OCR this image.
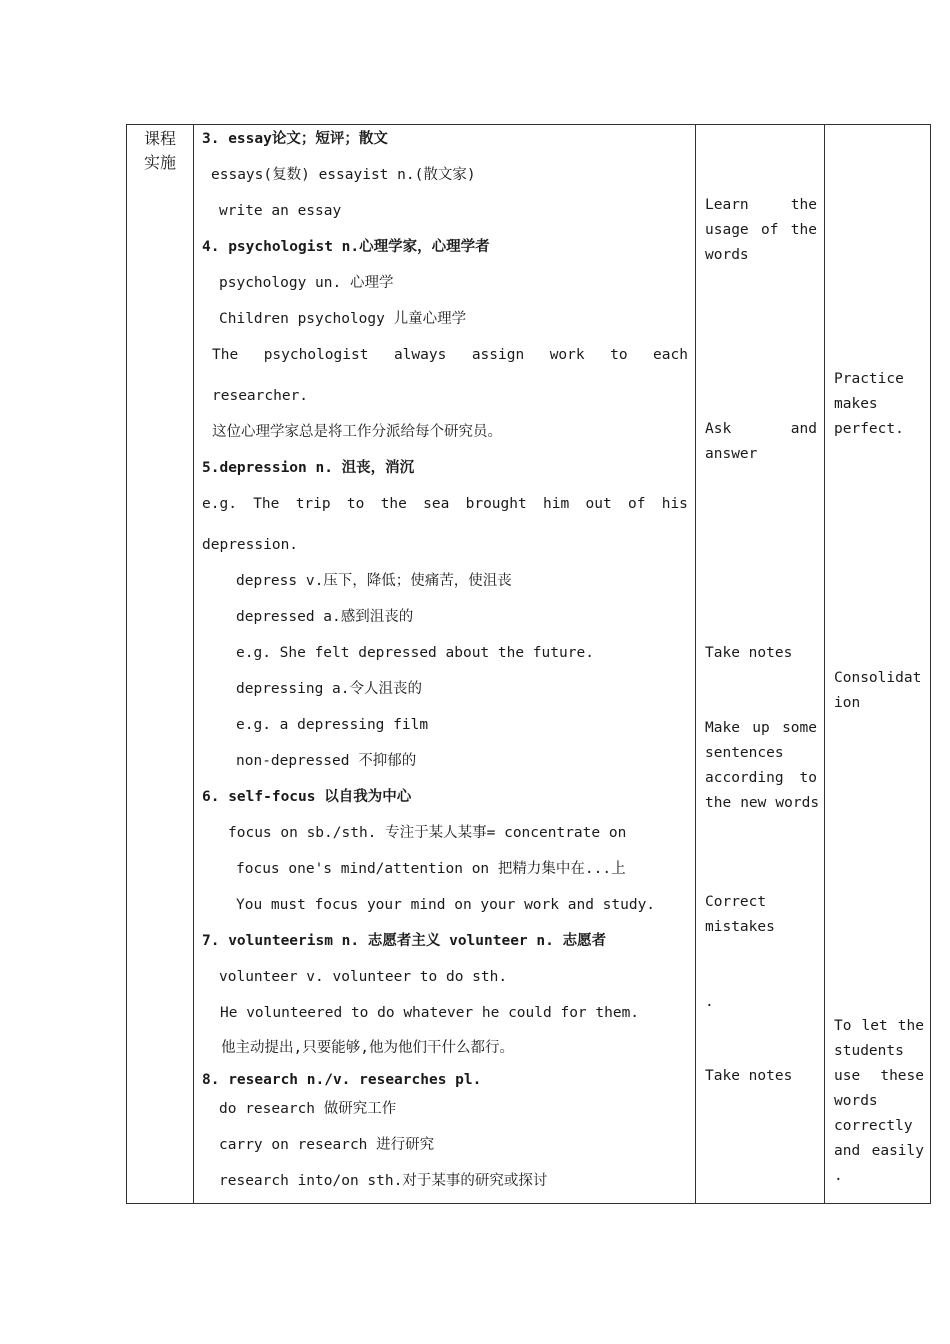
课程
实施
3. essay论文；短评；散文
essays(复数) essayist n.(散文家)
write an essay
4. psychologist n.心理学家，心理学者
psychology un. 心理学
Children psychology 儿童心理学
The psychologist always assign work to each
researcher.
这位心理学家总是将工作分派给每个研究员。
5.depression n. 沮丧，消沉
e.g. The trip to the sea brought him out of his
depression.
depress v.压下，降低；使痛苦，使沮丧
depressed a.感到沮丧的
e.g. She felt depressed about the future.
depressing a.令人沮丧的
e.g. a depressing film
non-depressed 不抑郁的
6. self-focus 以自我为中心
focus on sb./sth. 专注于某人某事= concentrate on
focus one's mind/attention on 把精力集中在...上
You must focus your mind on your work and study.
7. volunteerism n. 志愿者主义 volunteer n. 志愿者
volunteer v. volunteer to do sth.
He volunteered to do whatever he could for them.
他主动提出,只要能够,他为他们干什么都行。
8. research n./v. researches pl.
do research 做研究工作
carry on research 进行研究
research into/on sth.对于某事的研究或探讨
Learn	the
usage of the
words
Ask	and
answer
Take notes
Make up some
sentences
according to
the new words
Correct
mistakes
.
Take notes
Practice
makes
perfect.
Consolidat
ion
To let the
students
use these
words
correctly
and easily
.
